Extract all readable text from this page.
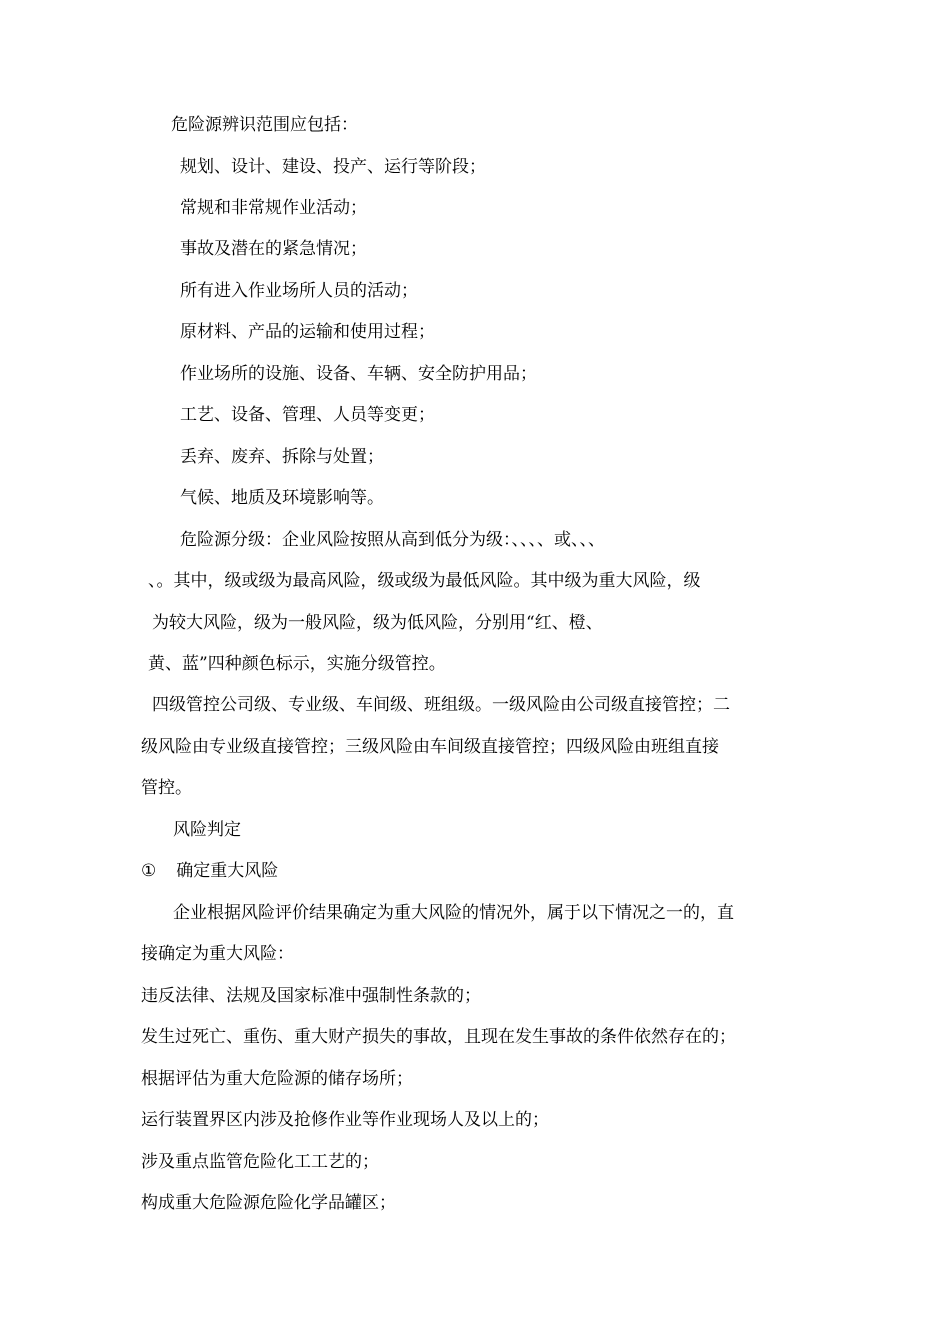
危险源辨识范围应包括：
规划、设计、建设、投产、运行等阶段；
常规和非常规作业活动；
事故及潜在的紧急情况；
所有进入作业场所人员的活动；
原材料、产品的运输和使用过程；
作业场所的设施、设备、车辆、安全防护用品；
工艺、设备、管理、人员等变更；
丢弃、废弃、拆除与处置；
气候、地质及环境影响等。
危险源分级：企业风险按照从高到低分为级：、、、、或、、、
、。其中，级或级为最高风险，级或级为最低风险。其中级为重大风险，级
为较大风险，级为一般风险，级为低风险，分别用“红、橙、
黄、蓝”四种颜色标示，实施分级管控。
四级管控公司级、专业级、车间级、班组级。一级风险由公司级直接管控；二
级风险由专业级直接管控；三级风险由车间级直接管控；四级风险由班组直接
管控。
风险判定
① 确定重大风险
企业根据风险评价结果确定为重大风险的情况外，属于以下情况之一的，直
接确定为重大风险：
违反法律、法规及国家标准中强制性条款的；
发生过死亡、重伤、重大财产损失的事故，且现在发生事故的条件依然存在的；
根据评估为重大危险源的储存场所；
运行装置界区内涉及抢修作业等作业现场人及以上的；
涉及重点监管危险化工工艺的；
构成重大危险源危险化学品罐区；
